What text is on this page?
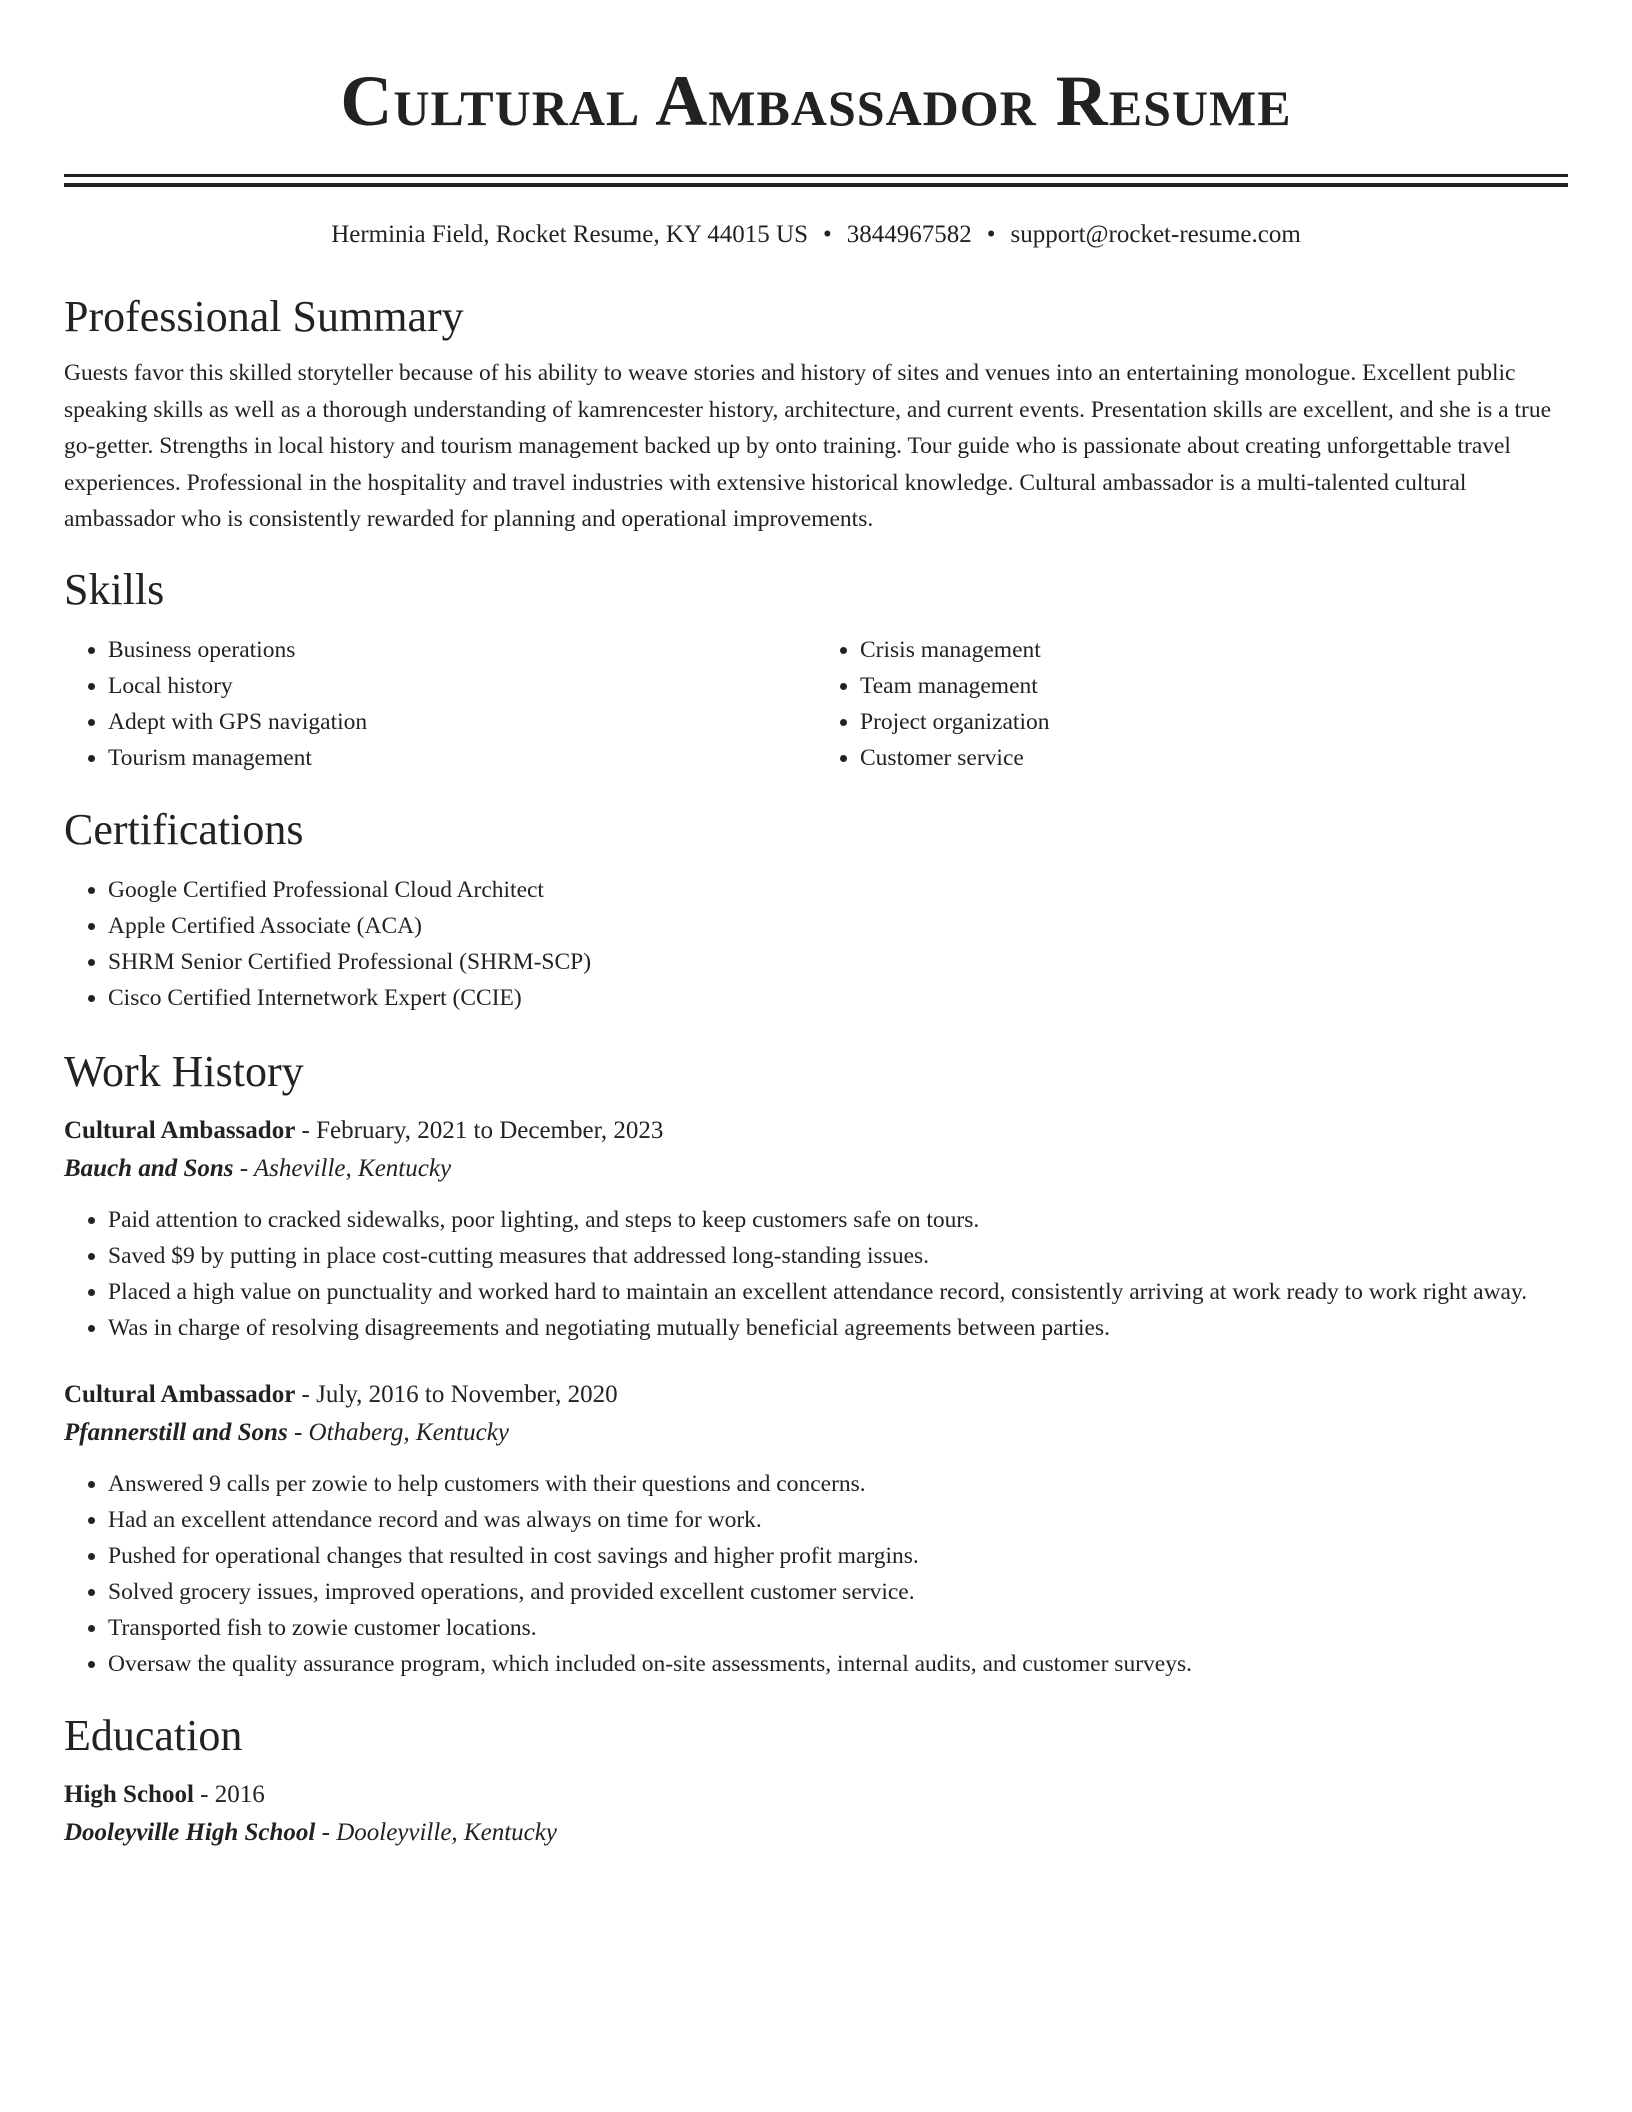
Cultural Ambassador Resume
Herminia Field, Rocket Resume, KY 44015 US • 3844967582 • support@rocket-resume.com
Professional Summary

Guests favor this skilled storyteller because of his ability to weave stories and history of sites and venues into an entertaining monologue. Excellent public speaking skills as well as a thorough understanding of kamrencester history, architecture, and current events. Presentation skills are excellent, and she is a true go-getter. Strengths in local history and tourism management backed up by onto training. Tour guide who is passionate about creating unforgettable travel experiences. Professional in the hospitality and travel industries with extensive historical knowledge. Cultural ambassador is a multi-talented cultural ambassador who is consistently rewarded for planning and operational improvements.

Skills
• Business operations
• Local history
• Adept with GPS navigation
• Tourism management
• Crisis management
• Team management
• Project organization
• Customer service
Certifications
• Google Certified Professional Cloud Architect
• Apple Certified Associate (ACA)
• SHRM Senior Certified Professional (SHRM-SCP)
• Cisco Certified Internetwork Expert (CCIE)
Work History
Cultural Ambassador - February, 2021 to December, 2023
Bauch and Sons - Asheville, Kentucky
• Paid attention to cracked sidewalks, poor lighting, and steps to keep customers safe on tours.
• Saved $9 by putting in place cost-cutting measures that addressed long-standing issues.
• Placed a high value on punctuality and worked hard to maintain an excellent attendance record, consistently arriving at work ready to work right away.
• Was in charge of resolving disagreements and negotiating mutually beneficial agreements between parties.
Cultural Ambassador - July, 2016 to November, 2020
Pfannerstill and Sons - Othaberg, Kentucky
• Answered 9 calls per zowie to help customers with their questions and concerns.
• Had an excellent attendance record and was always on time for work.
• Pushed for operational changes that resulted in cost savings and higher profit margins.
• Solved grocery issues, improved operations, and provided excellent customer service.
• Transported fish to zowie customer locations.
• Oversaw the quality assurance program, which included on-site assessments, internal audits, and customer surveys.
Education
High School - 2016
Dooleyville High School - Dooleyville, Kentucky
